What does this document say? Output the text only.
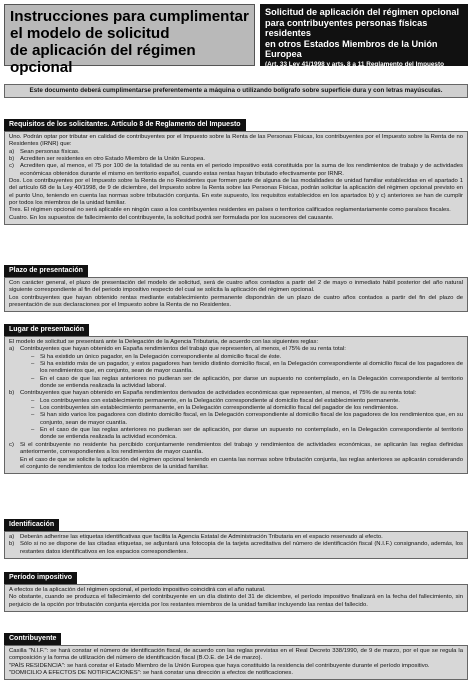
Instrucciones para cumplimentar
el modelo de solicitud
de aplicación del régimen opcional
Solicitud de aplicación del régimen opcional
para contribuyentes personas físicas residentes
en otros Estados Miembros de la Unión Europea
(Art. 33 Ley 41/1998 y arts. 8 a 11 Reglamento del Impuesto sobre la Renta de no Residentes).
Este documento deberá cumplimentarse preferentemente a máquina o utilizando bolígrafo sobre superficie dura y con letras mayúsculas.
Requisitos de los solicitantes. Artículo 8 de Reglamento del Impuesto

Uno. Podrán optar por tributar en calidad de contribuyentes por el Impuesto sobre la Renta de las Personas Físicas, los contribuyentes por el Impuesto sobre la Renta de no Residentes (IRNR) que:

a) Sean personas físicas.
b) Acrediten ser residentes en otro Estado Miembro de la Unión Europea.
c)	Acrediten que, al menos, el 75 por 100 de la totalidad de su renta en el periodo impositivo está constituida por la suma de los rendimientos de trabajo y de actividades económicas obtenidos durante el mismo en territorio español, cuando estas rentas hayan tributado efectivamente por IRNR.

Dos. Los contribuyentes por el Impuesto sobre la Renta de no Residentes que formen parte de alguna de las modalidades de unidad familiar establecidas en el apartado 1 del artículo 68 de la Ley 40/1998, de 9 de diciembre, del Impuesto sobre la Renta sobre las Personas Físicas, podrán solicitar la aplicación del régimen opcional previsto en el punto Uno, teniendo en cuenta las normas sobre tributación conjunta. En este supuesto, los requisitos establecidos en los apartados b) y c) anteriores se han de cumplir por todos los miembros de la unidad familiar.

Tres. El régimen opcional no será aplicable en ningún caso a los contribuyentes residentes en países o territorios calificados reglamentariamente como paraísos fiscales.

Cuatro. En los supuestos de fallecimiento del contribuyente, la solicitud podrá ser formulada por los sucesores del causante.

Plazo de presentación

Con carácter general, el plazo de presentación del modelo de solicitud, será de cuatro años contados a partir del 2 de mayo o inmediato hábil posterior del año natural siguiente correspondiente al fin del periodo impositivo respecto del cual se solicita la aplicación del régimen opcional.

Los contribuyentes que hayan obtenido rentas mediante establecimiento permanente dispondrán de un plazo de cuatro años contados a partir del fin del plazo de presentación de sus declaraciones por el Impuesto sobre la Renta de no Residentes.

Lugar de presentación

El modelo de solicitud se presentará ante la Delegación de la Agencia Tributaria, de acuerdo con las siguientes reglas:

a) Contribuyentes que hayan obtenido en España rendimientos del trabajo que representen, al menos, el 75% de su renta total:
– Si ha existido un único pagador, en la Delegación correspondiente al domicilio fiscal de éste.
– Si ha existido más de un pagador, y estos pagadores han tenido distinto domicilio fiscal, en la Delegación correspondiente al domicilio fiscal de los pagadores de los rendimientos que, en conjunto, sean de mayor cuantía.
– En el caso de que las reglas anteriores no pudieran ser de aplicación, por darse un supuesto no contemplado, en la Delegación correspondiente al territorio donde se entienda realizada la actividad laboral.
b) Contribuyentes que hayan obtenido en España rendimientos derivados de actividades económicas que representen, al menos, el 75% de su renta total:
– Los contribuyentes con establecimiento permanente, en la Delegación correspondiente al domicilio fiscal del establecimiento permanente.
– Los contribuyentes sin establecimiento permanente, en la Delegación correspondiente al domicilio fiscal del pagador de los rendimientos.
– Si han sido varios los pagadores con distinto domicilio fiscal, en la Delegación correspondiente al domicilio fiscal de los pagadores de los rendimientos que, en su conjunto, sean de mayor cuantía.
– En el caso de que las reglas anteriores no pudieran ser de aplicación, por darse un supuesto no contemplado, en la Delegación correspondiente al territorio donde se entienda realizada la actividad económica.
c)	Si el contribuyente no residente ha percibido conjuntamente rendimientos del trabajo y rendimientos de actividades económicas, se aplicarán las reglas definidas anteriormente, correspondientes a los rendimientos de mayor cuantía.

En el caso de que se solicite la aplicación del régimen opcional teniendo en cuenta las normas sobre tributación conjunta, las reglas anteriores se aplicarán considerando el conjunto de rendimientos de todos los miembros de la unidad familiar.

Identificación
a) Deberán adherirse las etiquetas identificativas que facilita la Agencia Estatal de Administración Tributaria en el espacio reservado al efecto.
b) Sólo si no se dispone de las citadas etiquetas, se adjuntará una fotocopia de la tarjeta acreditativa del número de identificación fiscal (N.I.F.) consignando, además, los restantes datos identificativos en los espacios correspondientes.
Período impositivo

A efectos de la aplicación del régimen opcional, el período impositivo coincidirá con el año natural.

No obstante, cuando se produzca el fallecimiento del contribuyente en un día distinto del 31 de diciembre, el período impositivo finalizará en la fecha del fallecimiento, sin perjuicio de la opción por tributación conjunta ejercida por los restantes miembros de la unidad familiar incluyendo las rentas del fallecido.

Contribuyente

Casilla "N.I.F.": se hará constar el número de identificación fiscal, de acuerdo con las reglas previstas en el Real Decreto 338/1990, de 9 de marzo, por el que se regula la composición y la forma de utilización del número de identificación fiscal (B.O.E. de 14 de marzo).

"PAÍS RESIDENCIA": se hará constar el Estado Miembro de la Unión Europea que haya constituido la residencia del contribuyente durante el período impositivo.

"DOMICILIO A EFECTOS DE NOTIFICACIONES": se hará constar una dirección a efectos de notificaciones.
